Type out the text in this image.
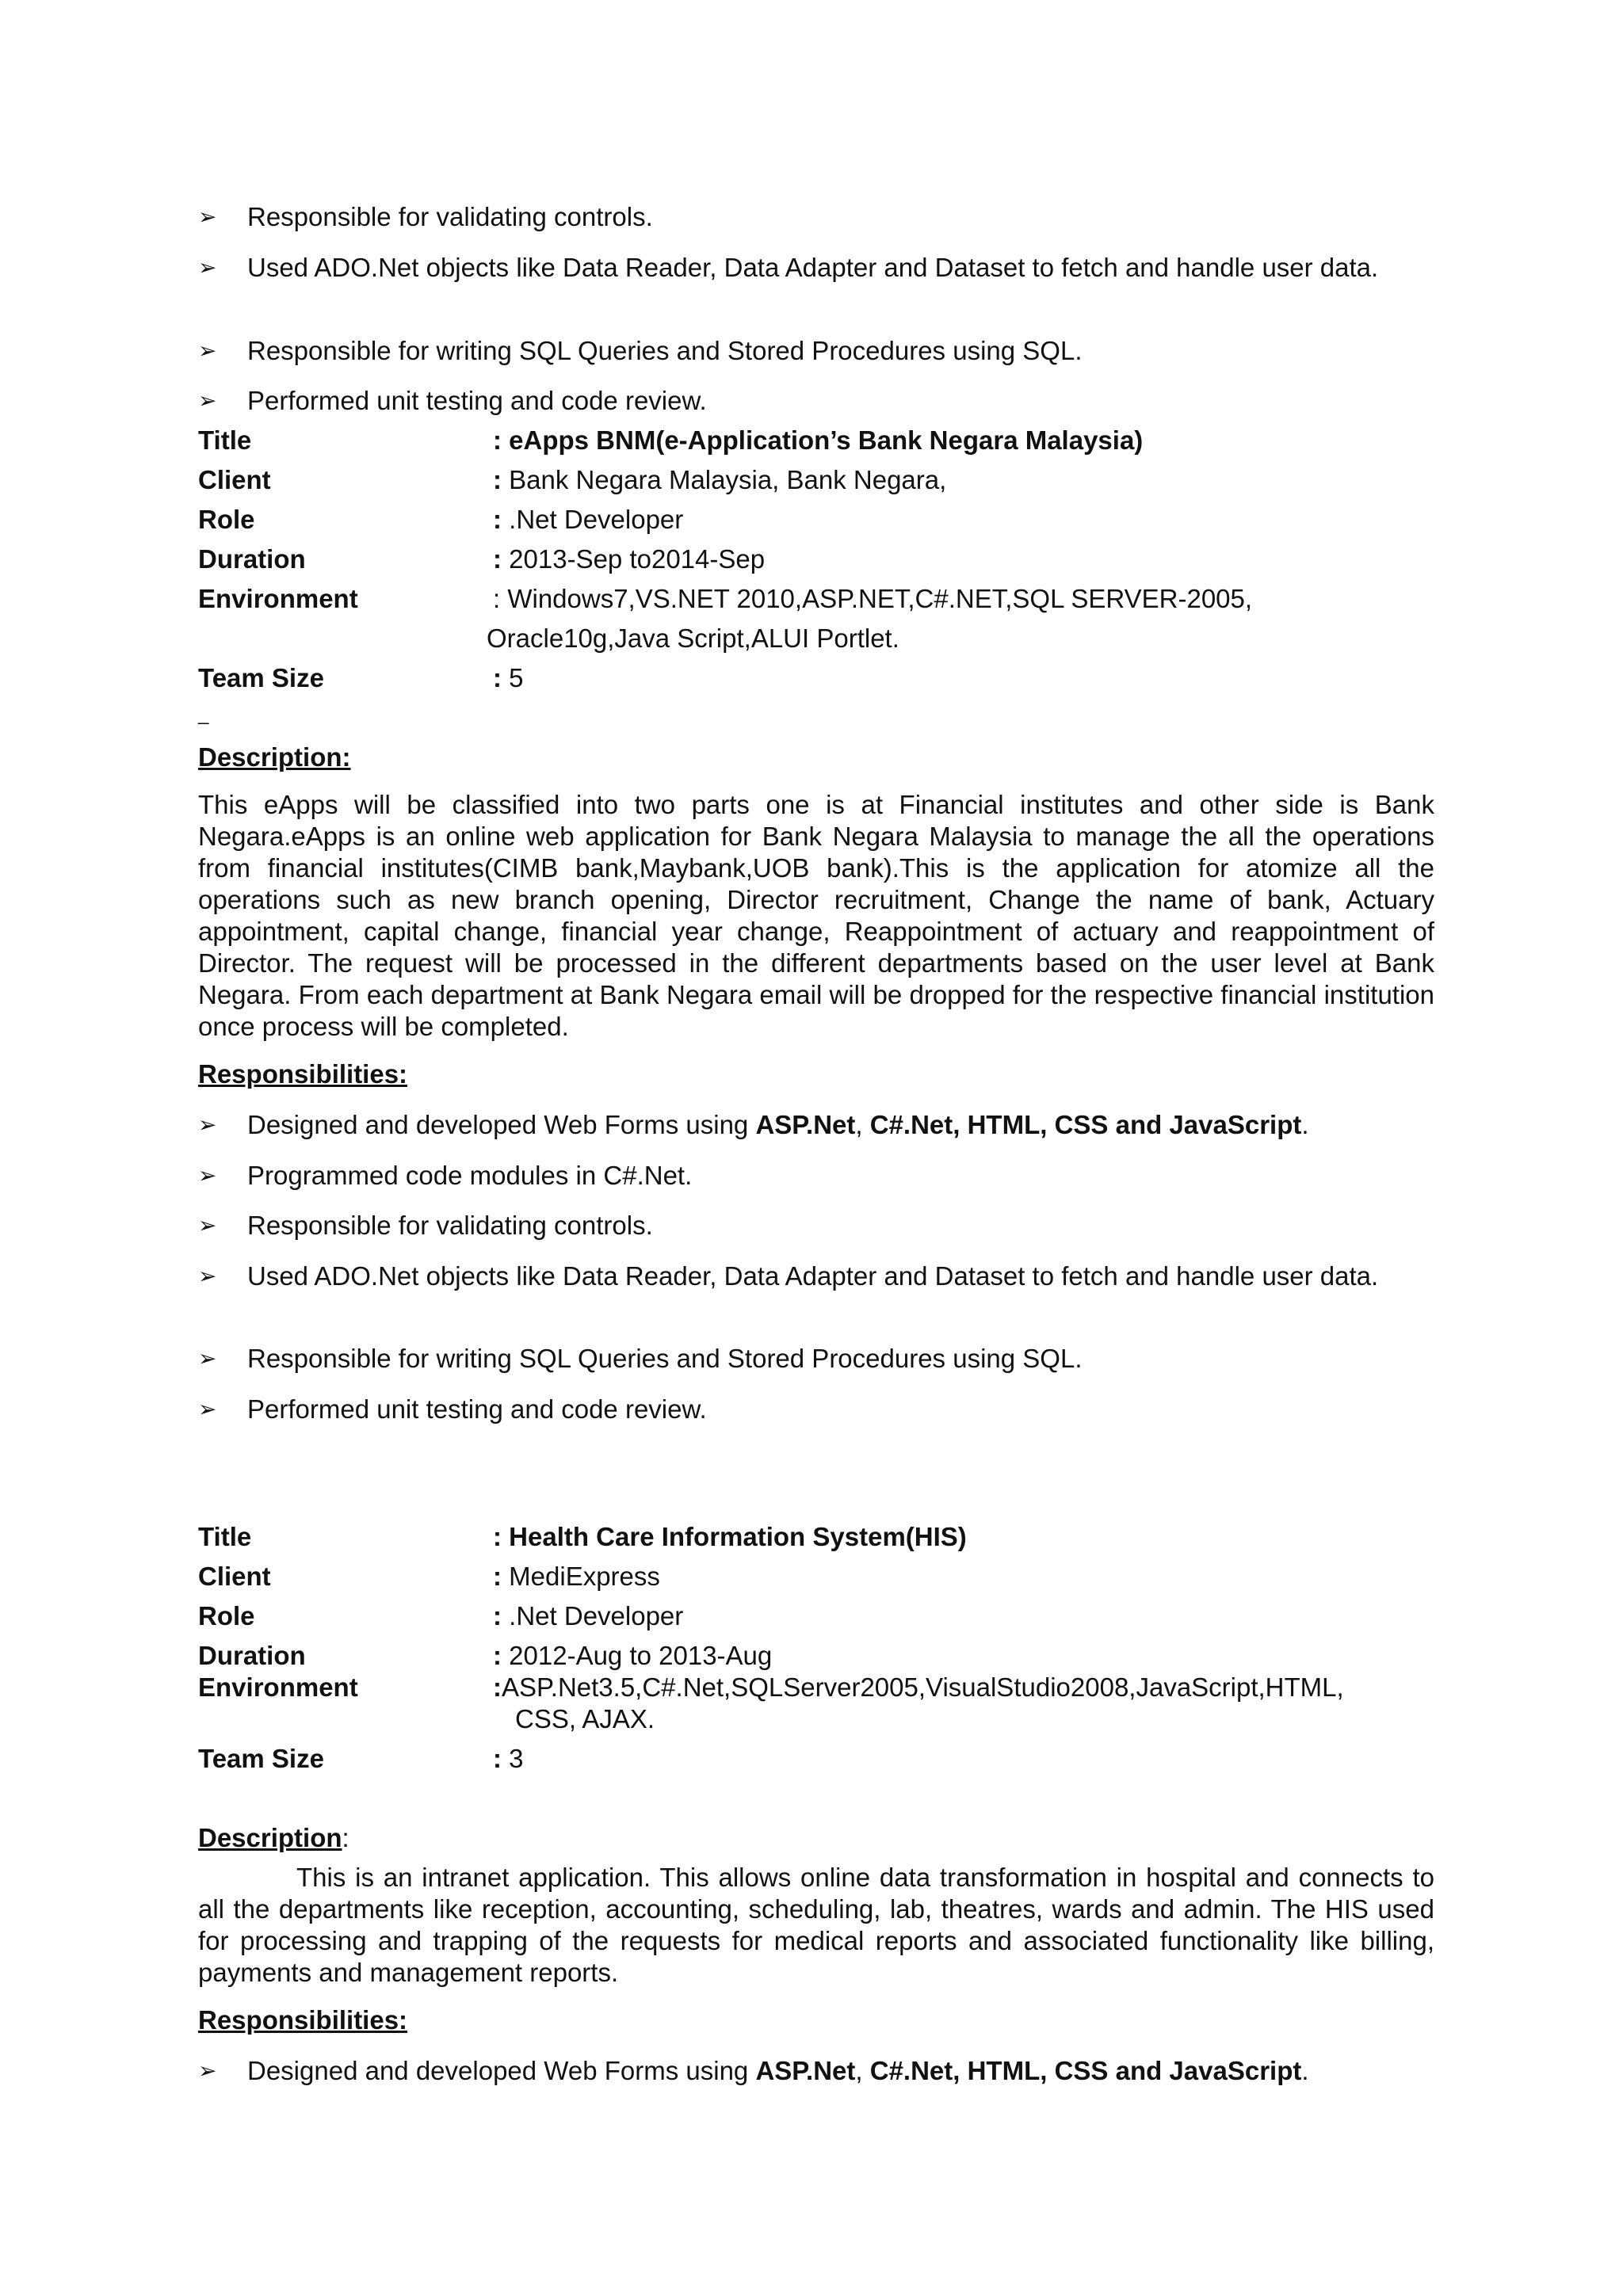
➢	Responsible for validating controls.
➢	Used ADO.Net objects like Data Reader, Data Adapter and Dataset to fetch and handle user data.
➢	Responsible for writing SQL Queries and Stored Procedures using SQL.
➢	Performed unit testing and code review.
Title	: eApps BNM(e-Application’s Bank Negara Malaysia)
Client	: Bank Negara Malaysia, Bank Negara,
Role	: .Net Developer
Duration	: 2013-Sep to2014-Sep
Environment	: Windows7,VS.NET 2010,ASP.NET,C#.NET,SQL SERVER-2005,
Oracle10g,Java Script,ALUI Portlet.
Team Size	: 5
_
Description:
This eApps will be classified into two parts one is at Financial institutes and other side is Bank Negara.eApps is an online web application for Bank Negara Malaysia to manage the all the operations from financial institutes(CIMB bank,Maybank,UOB bank).This is the application for atomize all the operations such as new branch opening, Director recruitment, Change the name of bank, Actuary appointment, capital change, financial year change, Reappointment of actuary and reappointment of Director. The request will be processed in the different departments based on the user level at Bank Negara. From each department at Bank Negara email will be dropped for the respective financial institution once process will be completed.
Responsibilities:
➢	Designed and developed Web Forms using ASP.Net, C#.Net, HTML, CSS and JavaScript.
➢	Programmed code modules in C#.Net.
➢	Responsible for validating controls.
➢	Used ADO.Net objects like Data Reader, Data Adapter and Dataset to fetch and handle user data.
➢	Responsible for writing SQL Queries and Stored Procedures using SQL.
➢	Performed unit testing and code review.
Title	: Health Care Information System(HIS)
Client	: MediExpress
Role	: .Net Developer
Duration	: 2012-Aug to 2013-Aug
Environment	:ASP.Net3.5,C#.Net,SQLServer2005,VisualStudio2008,JavaScript,HTML,
CSS, AJAX.
Team Size	: 3
Description:
This is an intranet application. This allows online data transformation in hospital and connects to all the departments like reception, accounting, scheduling, lab, theatres, wards and admin. The HIS used for processing and trapping of the requests for medical reports and associated functionality like billing, payments and management reports.
Responsibilities:
➢	Designed and developed Web Forms using ASP.Net, C#.Net, HTML, CSS and JavaScript.
